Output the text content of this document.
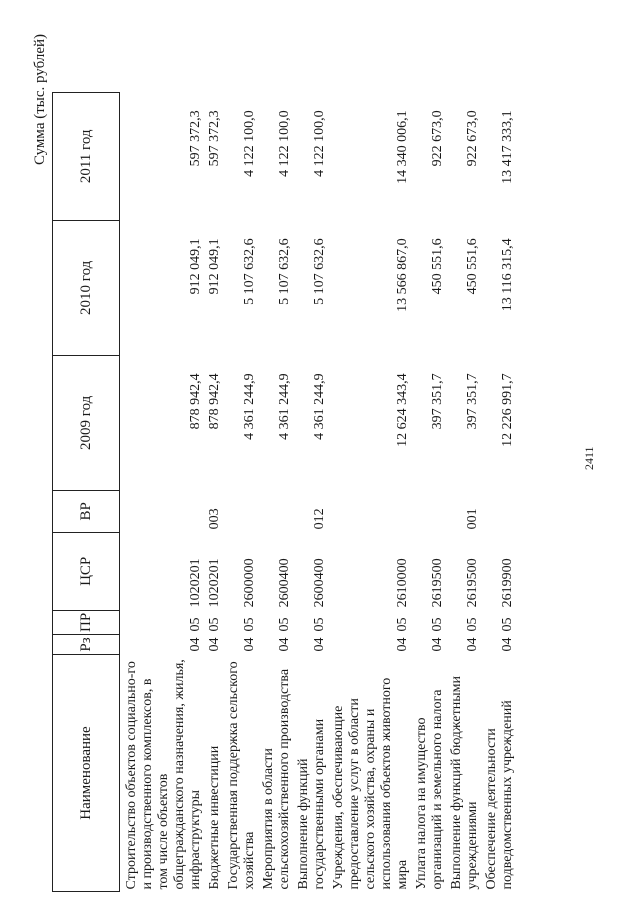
2411
Сумма (тыс. рублей)
Наименование	Рз	ПР	ЦСР	ВР	2009 год	2010 год	2011 год
Строительство объектов социально-го и производственного комплексов, в том числе объектов общегражданского назначения, жилья, инфраструктуры	04	05	1020201		878 942,4	912 049,1	597 372,3
Бюджетные инвестиции	04	05	1020201	003	878 942,4	912 049,1	597 372,3
Государственная поддержка сельского хозяйства	04	05	2600000		4 361 244,9	5 107 632,6	4 122 100,0
Мероприятия в области сельскохозяйственного производства	04	05	2600400		4 361 244,9	5 107 632,6	4 122 100,0
Выполнение функций государственными органами	04	05	2600400	012	4 361 244,9	5 107 632,6	4 122 100,0
Учреждения, обеспечивающие предоставление услуг в области сельского хозяйства, охраны и использования объектов животного мира	04	05	2610000		12 624 343,4	13 566 867,0	14 340 006,1
Уплата налога на имущество организаций и земельного налога	04	05	2619500		397 351,7	450 551,6	922 673,0
Выполнение функций бюджетными учреждениями	04	05	2619500	001	397 351,7	450 551,6	922 673,0
Обеспечение деятельности подведомственных учреждений	04	05	2619900		12 226 991,7	13 116 315,4	13 417 333,1
